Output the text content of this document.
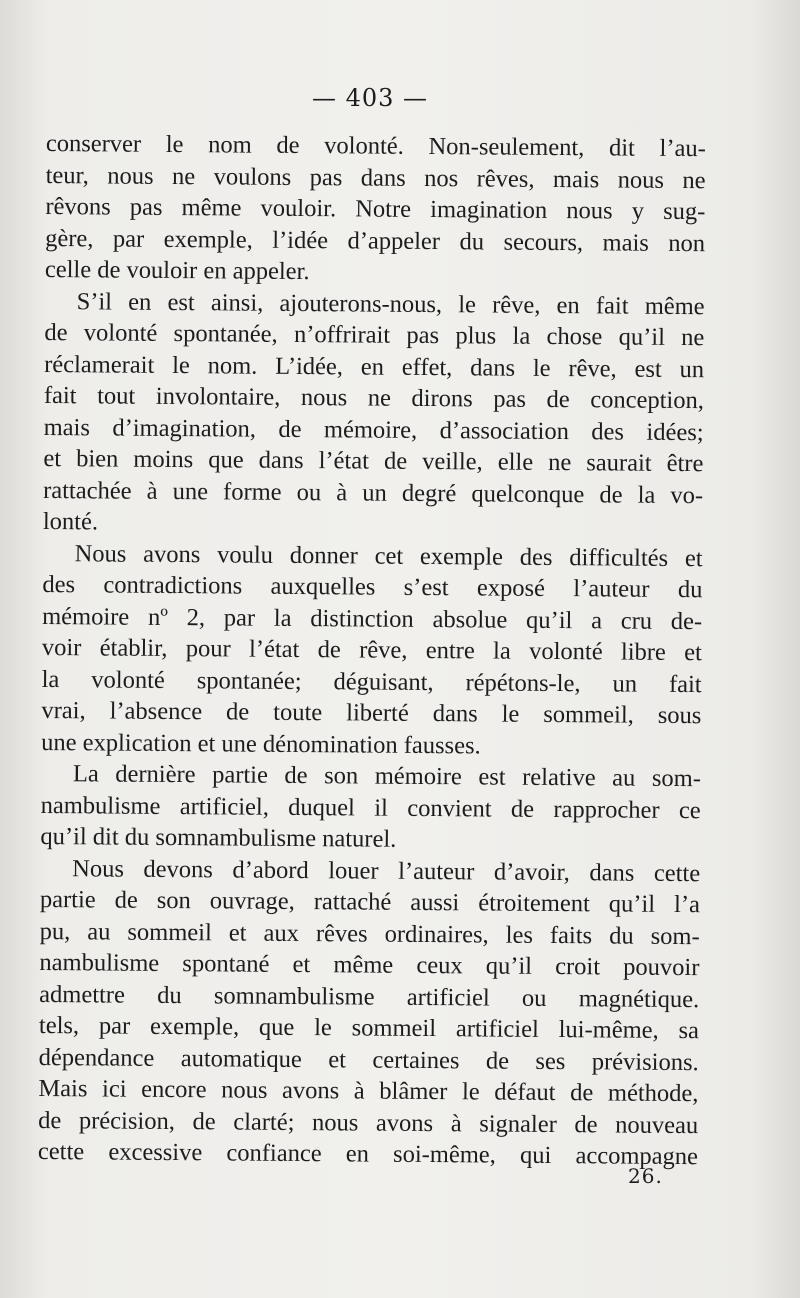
— 403 —
conserver le nom de volonté. Non-seulement, dit l’au-
teur, nous ne voulons pas dans nos rêves, mais nous ne
rêvons pas même vouloir. Notre imagination nous y sug-
gère, par exemple, l’idée d’appeler du secours, mais non
celle de vouloir en appeler.
S’il en est ainsi, ajouterons-nous, le rêve, en fait même
de volonté spontanée, n’offrirait pas plus la chose qu’il ne
réclamerait le nom. L’idée, en effet, dans le rêve, est un
fait tout involontaire, nous ne dirons pas de conception,
mais d’imagination, de mémoire, d’association des idées;
et bien moins que dans l’état de veille, elle ne saurait être
rattachée à une forme ou à un degré quelconque de la vo-
lonté.
Nous avons voulu donner cet exemple des difficultés et
des contradictions auxquelles s’est exposé l’auteur du
mémoire nº 2, par la distinction absolue qu’il a cru de-
voir établir, pour l’état de rêve, entre la volonté libre et
la volonté spontanée; déguisant, répétons-le, un fait
vrai, l’absence de toute liberté dans le sommeil, sous
une explication et une dénomination fausses.
La dernière partie de son mémoire est relative au som-
nambulisme artificiel, duquel il convient de rapprocher ce
qu’il dit du somnambulisme naturel.
Nous devons d’abord louer l’auteur d’avoir, dans cette
partie de son ouvrage, rattaché aussi étroitement qu’il l’a
pu, au sommeil et aux rêves ordinaires, les faits du som-
nambulisme spontané et même ceux qu’il croit pouvoir
admettre du somnambulisme artificiel ou magnétique.
tels, par exemple, que le sommeil artificiel lui-même, sa
dépendance automatique et certaines de ses prévisions.
Mais ici encore nous avons à blâmer le défaut de méthode,
de précision, de clarté; nous avons à signaler de nouveau
cette excessive confiance en soi-même, qui accompagne
26.
